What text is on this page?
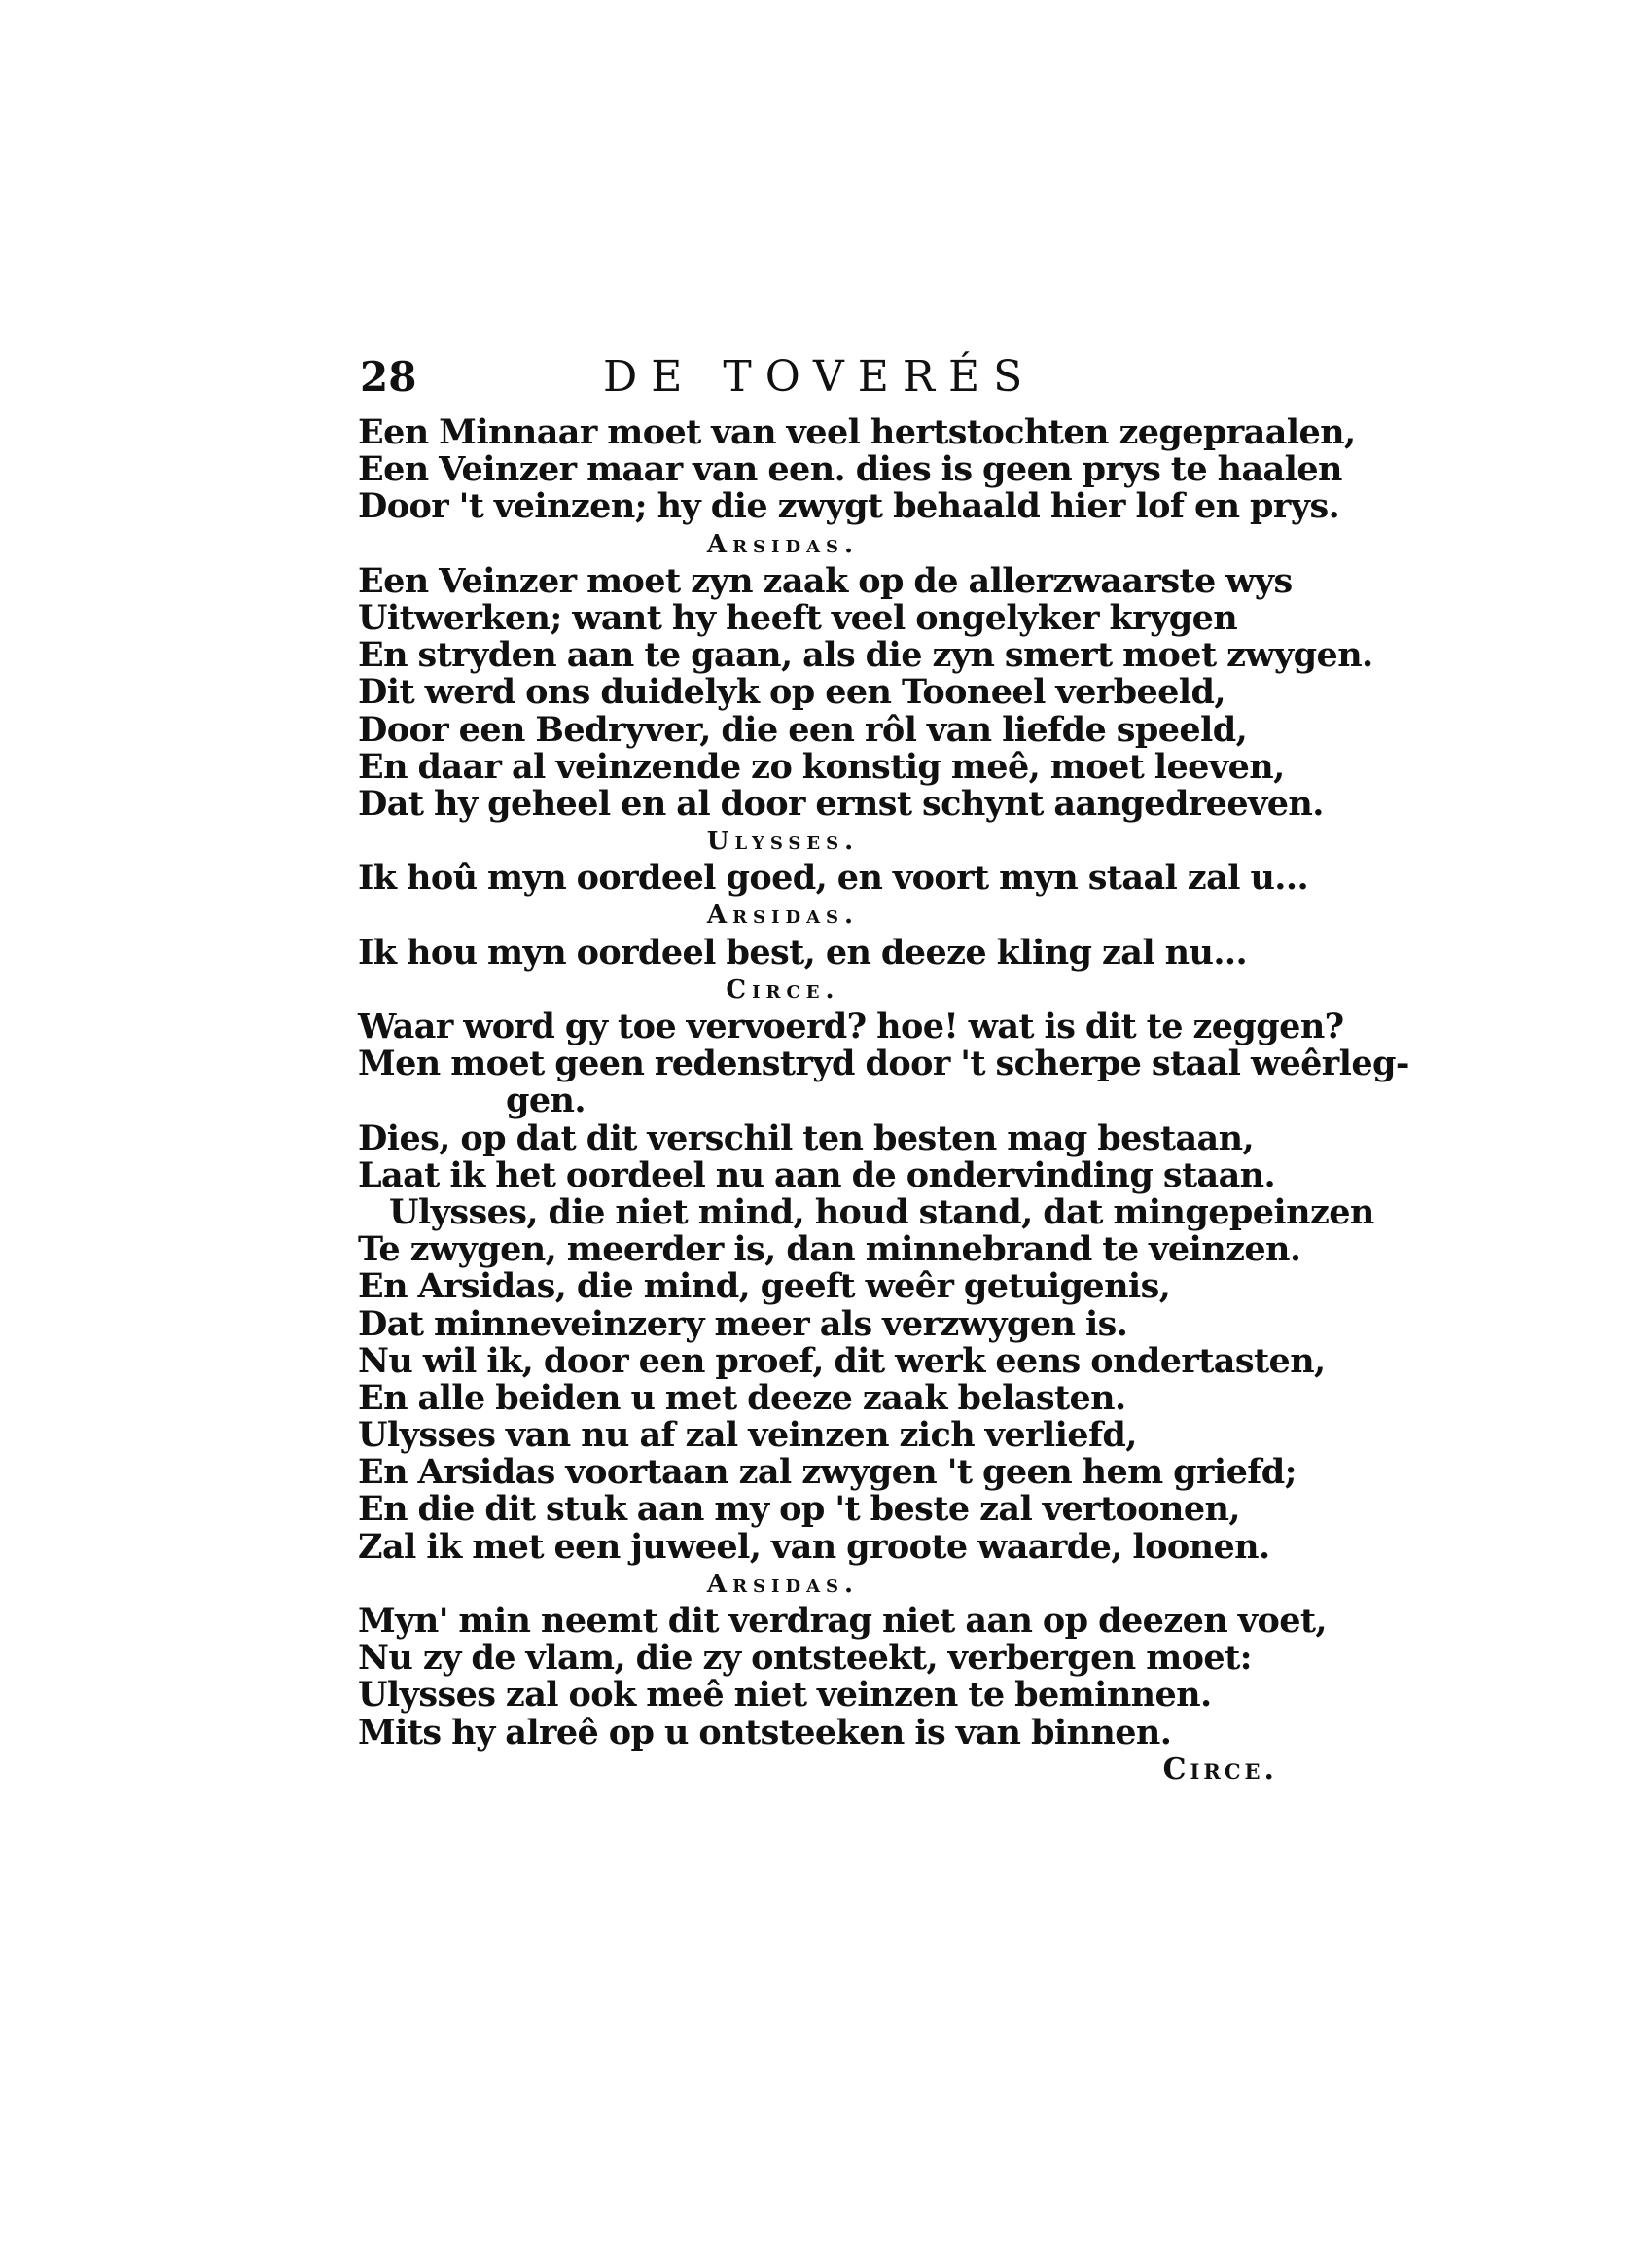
28	DE TOVERÉS
Een Minnaar moet van veel hertstochten zegepraalen,
Een Veinzer maar van een. dies is geen prys te haalen
Door 't veinzen; hy die zwygt behaald hier lof en prys.
Arsidas.
Een Veinzer moet zyn zaak op de allerzwaarste wys
Uitwerken; want hy heeft veel ongelyker krygen
En stryden aan te gaan, als die zyn smert moet zwygen.
Dit werd ons duidelyk op een Tooneel verbeeld,
Door een Bedryver, die een rôl van liefde speeld,
En daar al veinzende zo konstig meê, moet leeven,
Dat hy geheel en al door ernst schynt aangedreeven.
Ulysses.
Ik hoû myn oordeel goed, en voort myn staal zal u...
Arsidas.
Ik hou myn oordeel best, en deeze kling zal nu...
Circe.
Waar word gy toe vervoerd? hoe! wat is dit te zeggen?
Men moet geen redenstryd door 't scherpe staal weêrleg-
gen.
Dies, op dat dit verschil ten besten mag bestaan,
Laat ik het oordeel nu aan de ondervinding staan.
Ulysses, die niet mind, houd stand, dat mingepeinzen
Te zwygen, meerder is, dan minnebrand te veinzen.
En Arsidas, die mind, geeft weêr getuigenis,
Dat minneveinzery meer als verzwygen is.
Nu wil ik, door een proef, dit werk eens ondertasten,
En alle beiden u met deeze zaak belasten.
Ulysses van nu af zal veinzen zich verliefd,
En Arsidas voortaan zal zwygen 't geen hem griefd;
En die dit stuk aan my op 't beste zal vertoonen,
Zal ik met een juweel, van groote waarde, loonen.
Arsidas.
Myn' min neemt dit verdrag niet aan op deezen voet,
Nu zy de vlam, die zy ontsteekt, verbergen moet:
Ulysses zal ook meê niet veinzen te beminnen.
Mits hy alreê op u ontsteeken is van binnen.
Circe.
